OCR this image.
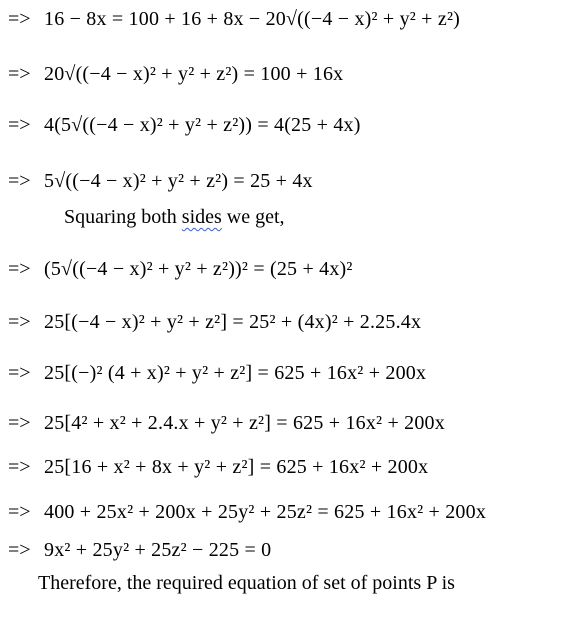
=> 16 − 8x = 100 + 16 + 8x − 20√((−4 − x)² + y² + z²)
=> 20√((−4 − x)² + y² + z²) = 100 + 16x
=> 4(5√((−4 − x)² + y² + z²)) = 4(25 + 4x)
=> 5√((−4 − x)² + y² + z²) = 25 + 4x
Squaring both sides we get,
=> (5√((−4 − x)² + y² + z²))² = (25 + 4x)²
=> 25[(−4 − x)² + y² + z²] = 25² + (4x)² + 2.25.4x
=> 25[(−)² (4 + x)² + y² + z²] = 625 + 16x² + 200x
=> 25[4² + x² + 2.4.x + y² + z²] = 625 + 16x² + 200x
=> 25[16 + x² + 8x + y² + z²] = 625 + 16x² + 200x
=> 400 + 25x² + 200x + 25y² + 25z² = 625 + 16x² + 200x
=> 9x² + 25y² + 25z² − 225 = 0
Therefore, the required equation of set of points P is
